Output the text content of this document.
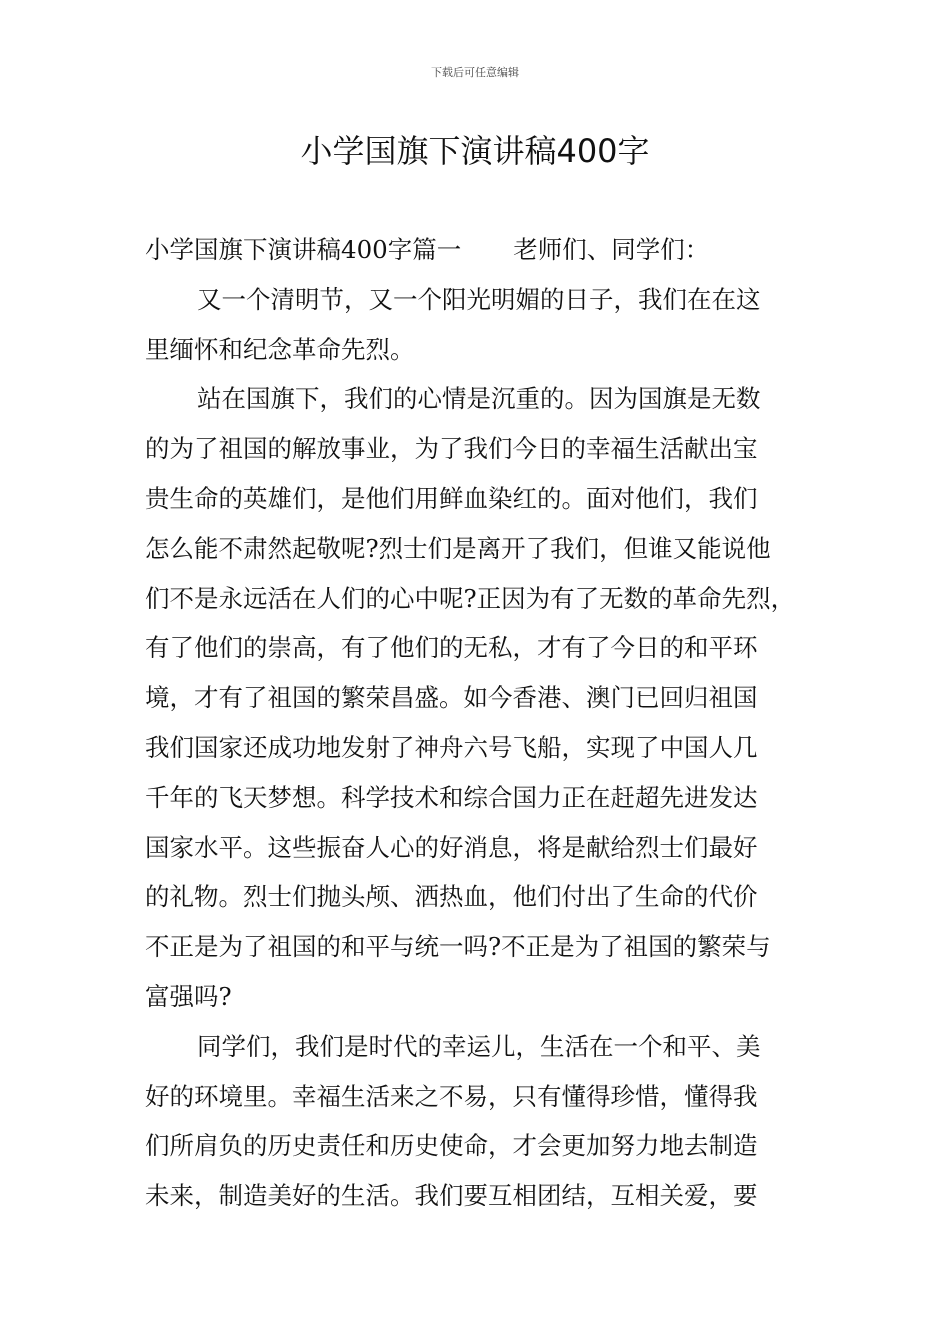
下载后可任意编辑
小学国旗下演讲稿400字
小学国旗下演讲稿400字篇一 老师们、同学们：
又一个清明节，又一个阳光明媚的日子，我们在在这
里缅怀和纪念革命先烈。
站在国旗下，我们的心情是沉重的。因为国旗是无数
的为了祖国的解放事业，为了我们今日的幸福生活献出宝
贵生命的英雄们，是他们用鲜血染红的。面对他们，我们
怎么能不肃然起敬呢?烈士们是离开了我们，但谁又能说他
们不是永远活在人们的心中呢?正因为有了无数的革命先烈，
有了他们的崇高，有了他们的无私，才有了今日的和平环
境，才有了祖国的繁荣昌盛。如今香港、澳门已回归祖国
我们国家还成功地发射了神舟六号飞船，实现了中国人几
千年的飞天梦想。科学技术和综合国力正在赶超先进发达
国家水平。这些振奋人心的好消息，将是献给烈士们最好
的礼物。烈士们抛头颅、洒热血，他们付出了生命的代价
不正是为了祖国的和平与统一吗?不正是为了祖国的繁荣与
富强吗?
同学们，我们是时代的幸运儿，生活在一个和平、美
好的环境里。幸福生活来之不易，只有懂得珍惜，懂得我
们所肩负的历史责任和历史使命，才会更加努力地去制造
未来，制造美好的生活。我们要互相团结，互相关爱，要
